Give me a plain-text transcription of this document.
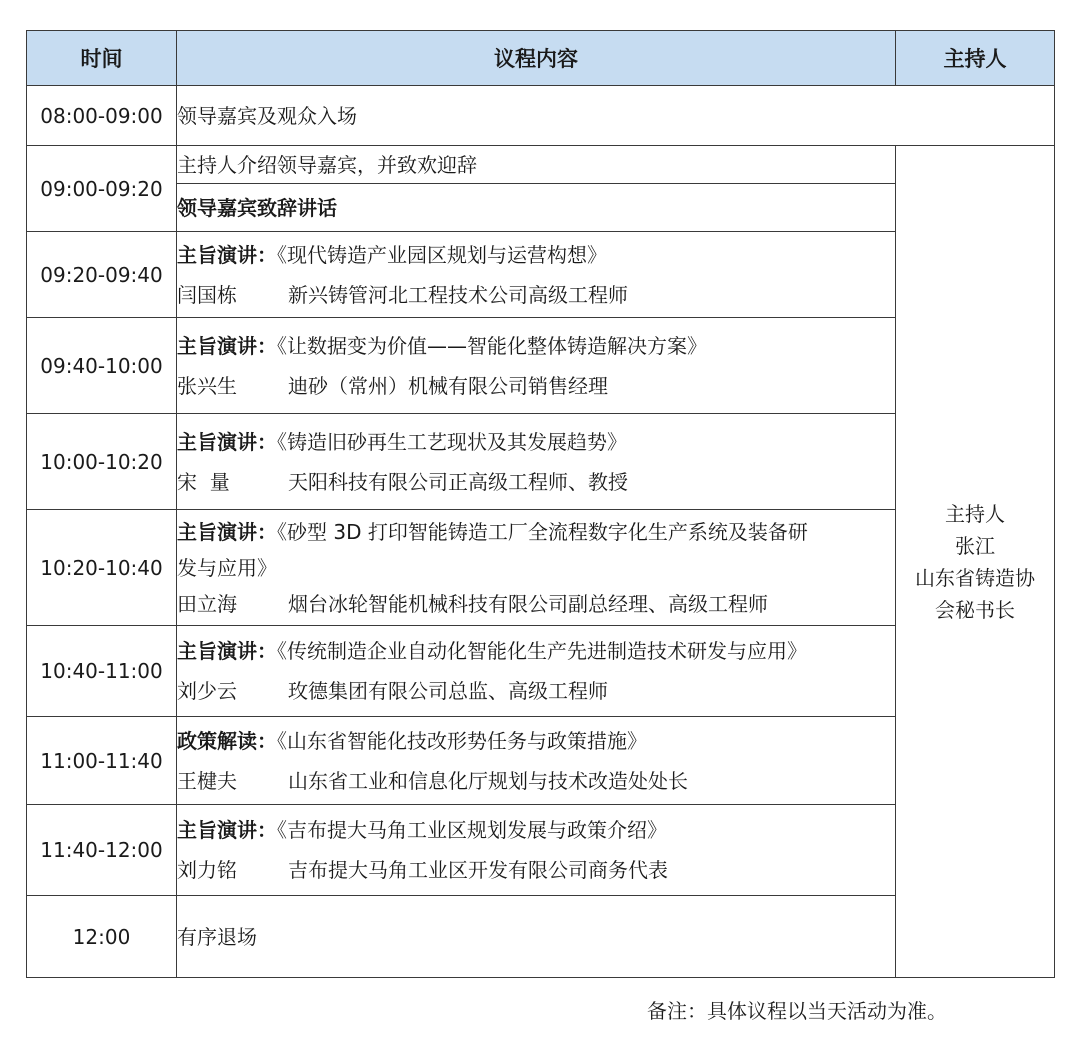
时间	议程内容	主持人
08:00-09:00	领导嘉宾及观众入场	
09:00-09:20	主持人介绍领导嘉宾，并致欢迎辞	主持人
张江
山东省铸造协
会秘书长

	领导嘉宾致辞讲话	
09:20-09:40	主旨演讲：《现代铸造产业园区规划与运营构想》
闫国栋 新兴铸管河北工程技术公司高级工程师	

09:40-10:00	主旨演讲：《让数据变为价值——智能化整体铸造解决方案》
张兴生 迪砂（常州）机械有限公司销售经理	

10:00-10:20	主旨演讲：《铸造旧砂再生工艺现状及其发展趋势》
宋  量 天阳科技有限公司正高级工程师、教授	

10:20-10:40	主旨演讲：《砂型 3D 打印智能铸造工厂全流程数字化生产系统及装备研
发与应用》
田立海 烟台冰轮智能机械科技有限公司副总经理、高级工程师	

10:40-11:00	主旨演讲：《传统制造企业自动化智能化生产先进制造技术研发与应用》
刘少云 玫德集团有限公司总监、高级工程师	

11:00-11:40	政策解读：《山东省智能化技改形势任务与政策措施》
王楗夫 山东省工业和信息化厅规划与技术改造处处长	

11:40-12:00	主旨演讲：《吉布提大马角工业区规划发展与政策介绍》
刘力铭 吉布提大马角工业区开发有限公司商务代表	

12:00	有序退场	
备注：具体议程以当天活动为准。
